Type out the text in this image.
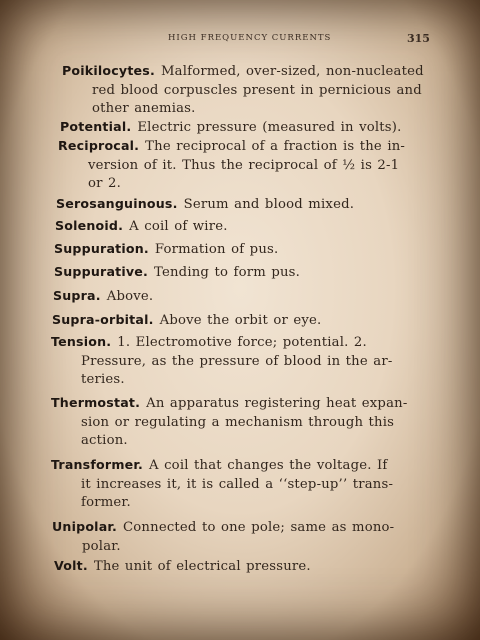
HIGH FREQUENCY CURRENTS	315
Poikilocytes. Malformed, over-sized, non-nucleated
red blood corpuscles present in pernicious and
other anemias.
Potential. Electric pressure (measured in volts).
Reciprocal. The reciprocal of a fraction is the in-
version of it. Thus the reciprocal of ½ is 2-1
or 2.
Serosanguinous. Serum and blood mixed.
Solenoid. A coil of wire.
Suppuration. Formation of pus.
Suppurative. Tending to form pus.
Supra. Above.
Supra-orbital. Above the orbit or eye.
Tension. 1. Electromotive force; potential. 2.
Pressure, as the pressure of blood in the ar-
teries.
Thermostat. An apparatus registering heat expan-
sion or regulating a mechanism through this
action.
Transformer. A coil that changes the voltage. If
it increases it, it is called a ‘‘step-up’’ trans-
former.
Unipolar. Connected to one pole; same as mono-
polar.
Volt. The unit of electrical pressure.
